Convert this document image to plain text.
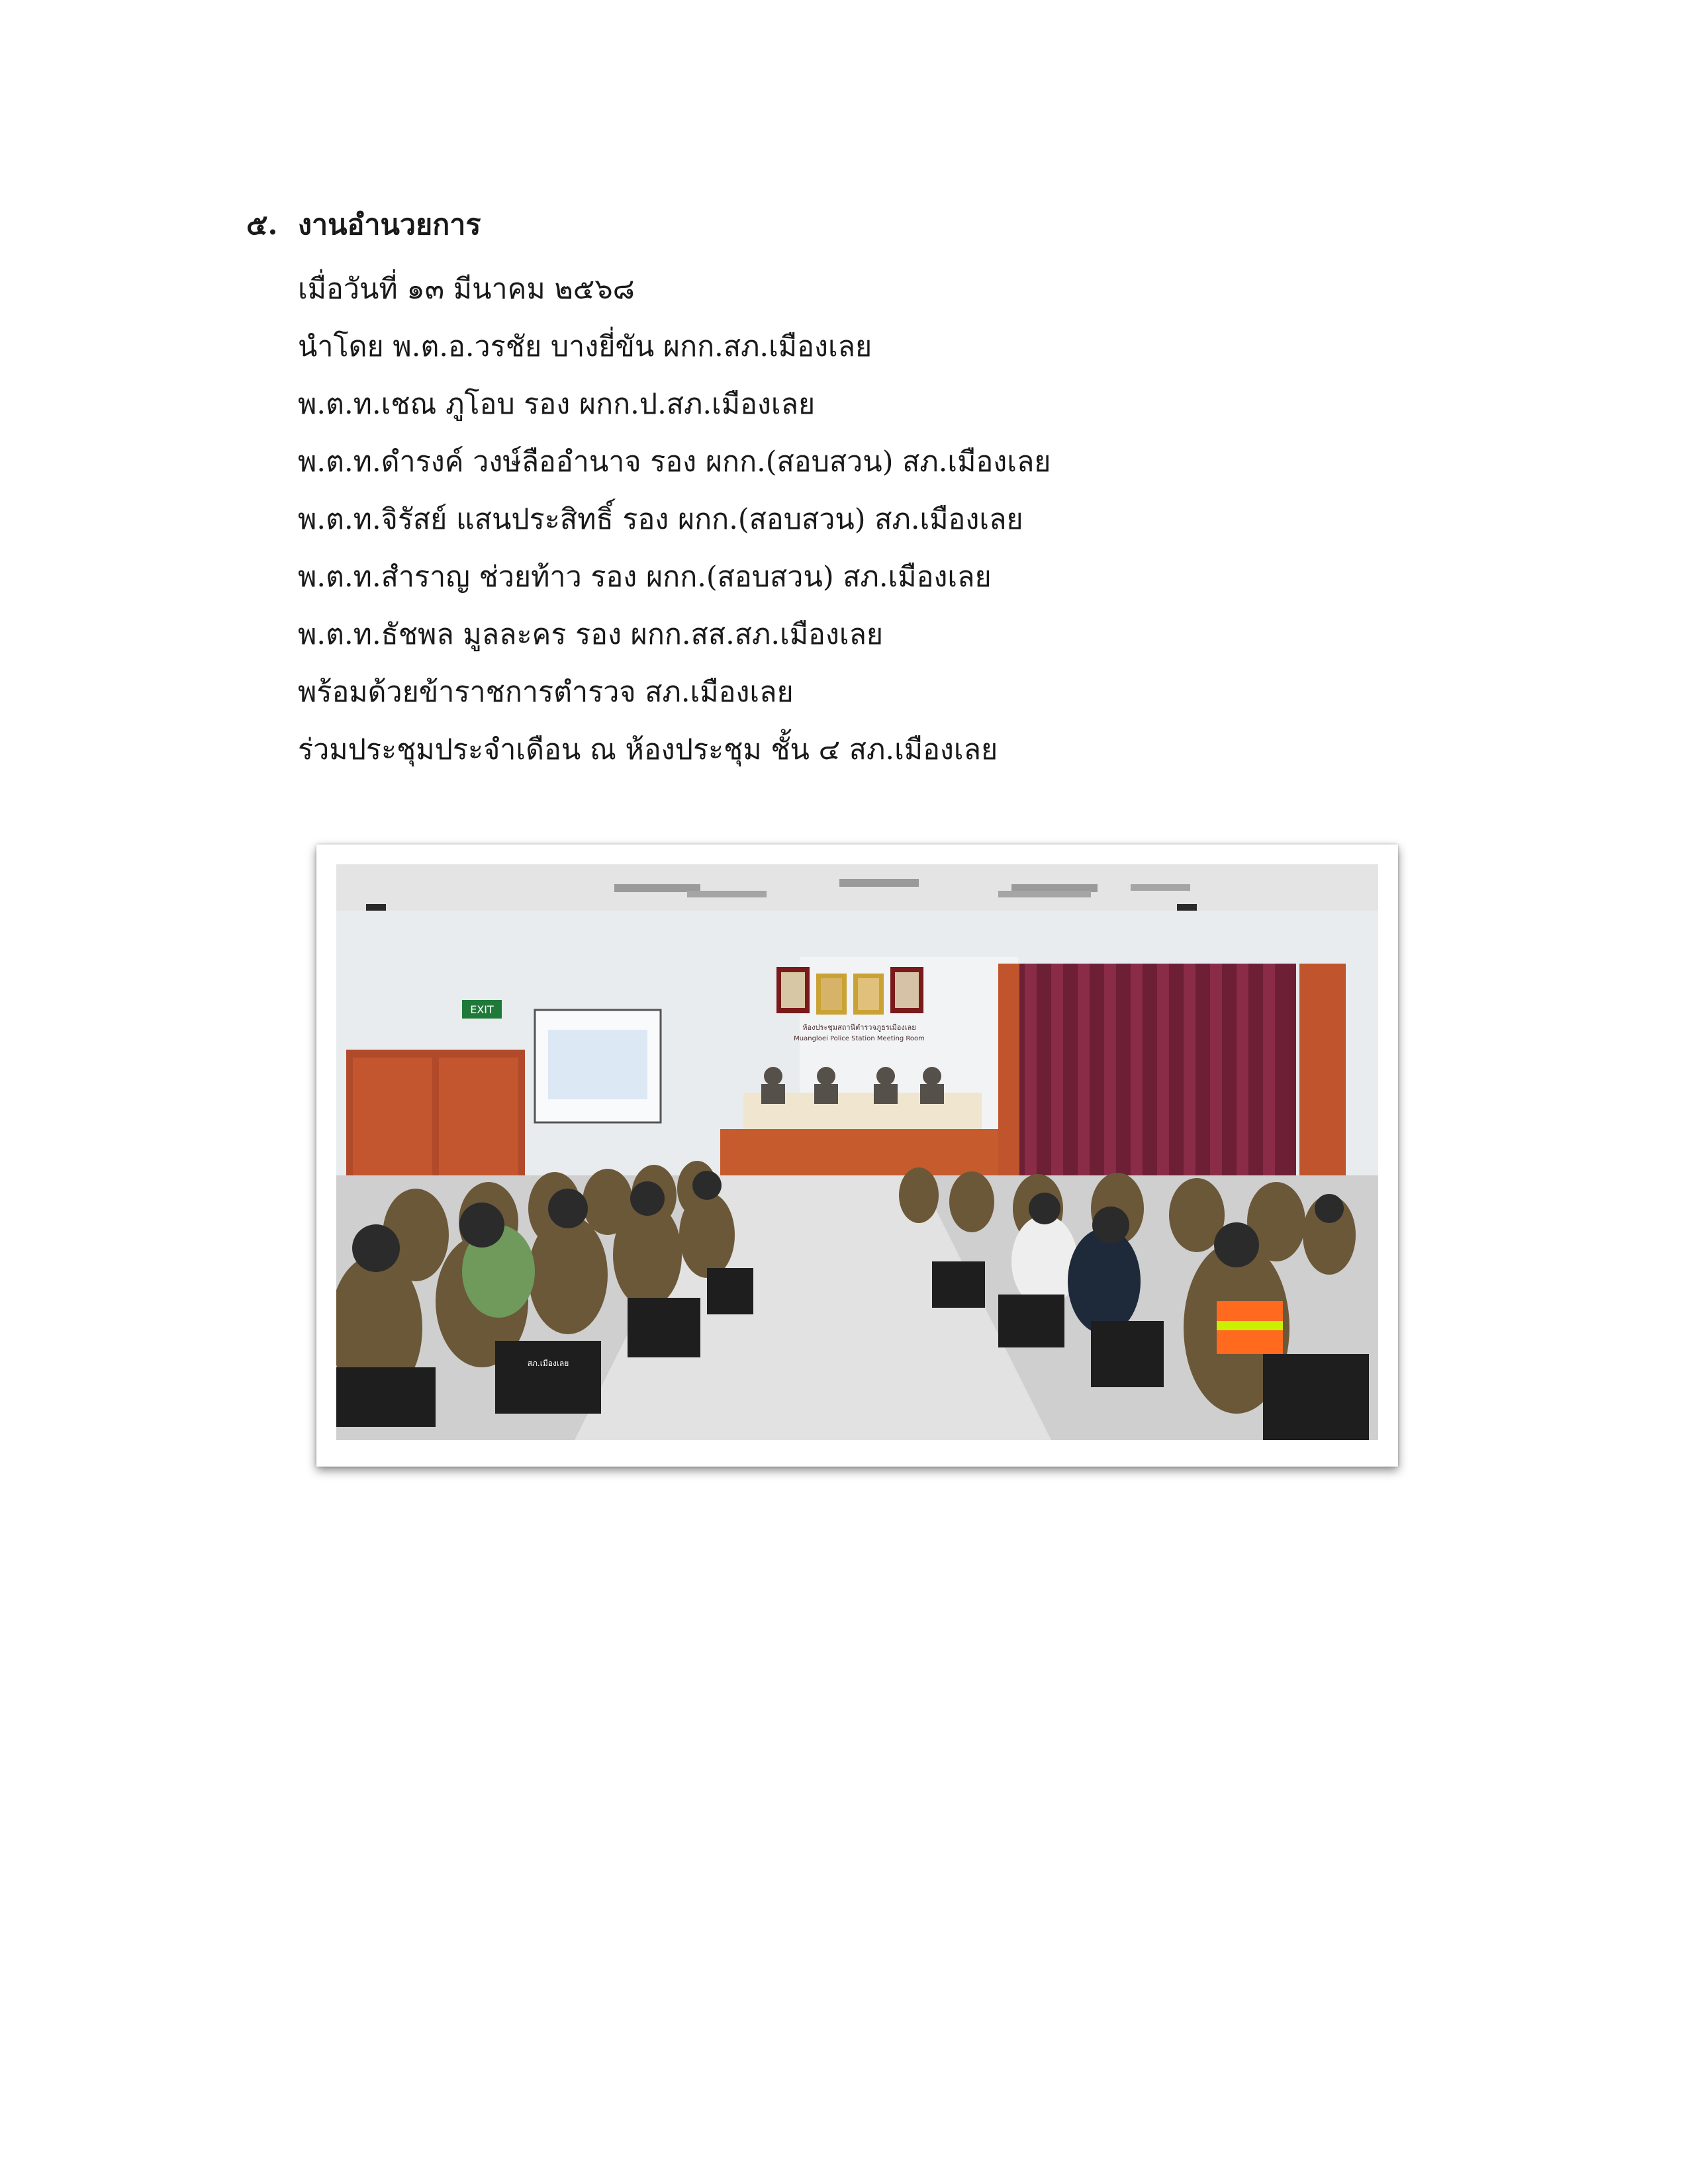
๕. งานอำนวยการ
เมื่อวันที่ ๑๓ มีนาคม ๒๕๖๘
นำโดย พ.ต.อ.วรชัย บางยี่ขัน ผกก.สภ.เมืองเลย
พ.ต.ท.เชณ ภูโอบ รอง ผกก.ป.สภ.เมืองเลย
พ.ต.ท.ดำรงค์ วงษ์ลืออำนาจ รอง ผกก.(สอบสวน) สภ.เมืองเลย
พ.ต.ท.จิรัสย์ แสนประสิทธิ์ รอง ผกก.(สอบสวน) สภ.เมืองเลย
พ.ต.ท.สำราญ ช่วยท้าว รอง ผกก.(สอบสวน) สภ.เมืองเลย
พ.ต.ท.ธัชพล มูลละคร รอง ผกก.สส.สภ.เมืองเลย
พร้อมด้วยข้าราชการตำรวจ สภ.เมืองเลย
ร่วมประชุมประจำเดือน ณ ห้องประชุม ชั้น ๔ สภ.เมืองเลย
EXIT
ห้องประชุมสถานีตำรวจภูธรเมืองเลย
Muangloei Police Station Meeting Room
สภ.เมืองเลย
